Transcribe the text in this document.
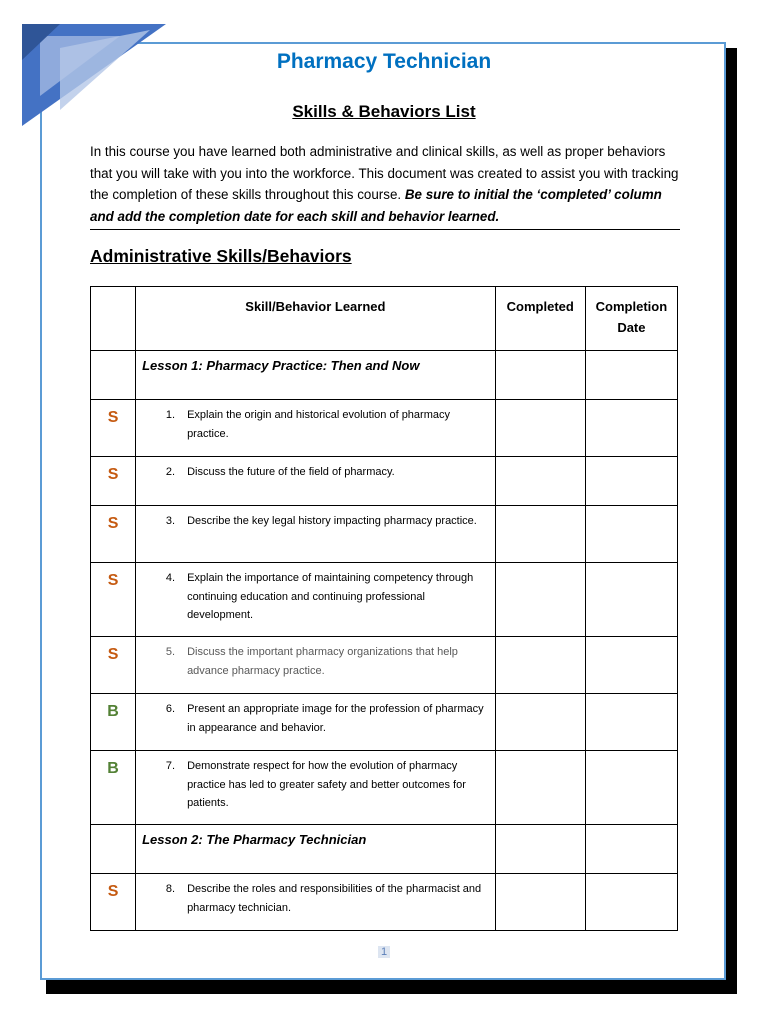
Pharmacy Technician
Skills & Behaviors List
In this course you have learned both administrative and clinical skills, as well as proper behaviors that you will take with you into the workforce. This document was created to assist you with tracking the completion of these skills throughout this course. Be sure to initial the ‘completed’ column and add the completion date for each skill and behavior learned.
Administrative Skills/Behaviors
	Skill/Behavior Learned	Completed	Completion Date
	Lesson 1: Pharmacy Practice: Then and Now		
S	1. Explain the origin and historical evolution of pharmacy practice.		

S	2. Discuss the future of the field of pharmacy.		

S	3. Describe the key legal history impacting pharmacy practice.		

S	4. Explain the importance of maintaining competency through continuing education and continuing professional development.		

S	5. Discuss the important pharmacy organizations that help advance pharmacy practice.		

B	6. Present an appropriate image for the profession of pharmacy in appearance and behavior.		

B	7. Demonstrate respect for how the evolution of pharmacy practice has led to greater safety and better outcomes for patients.		

	Lesson 2: The Pharmacy Technician		
S	8. Describe the roles and responsibilities of the pharmacist and pharmacy technician.		

1
